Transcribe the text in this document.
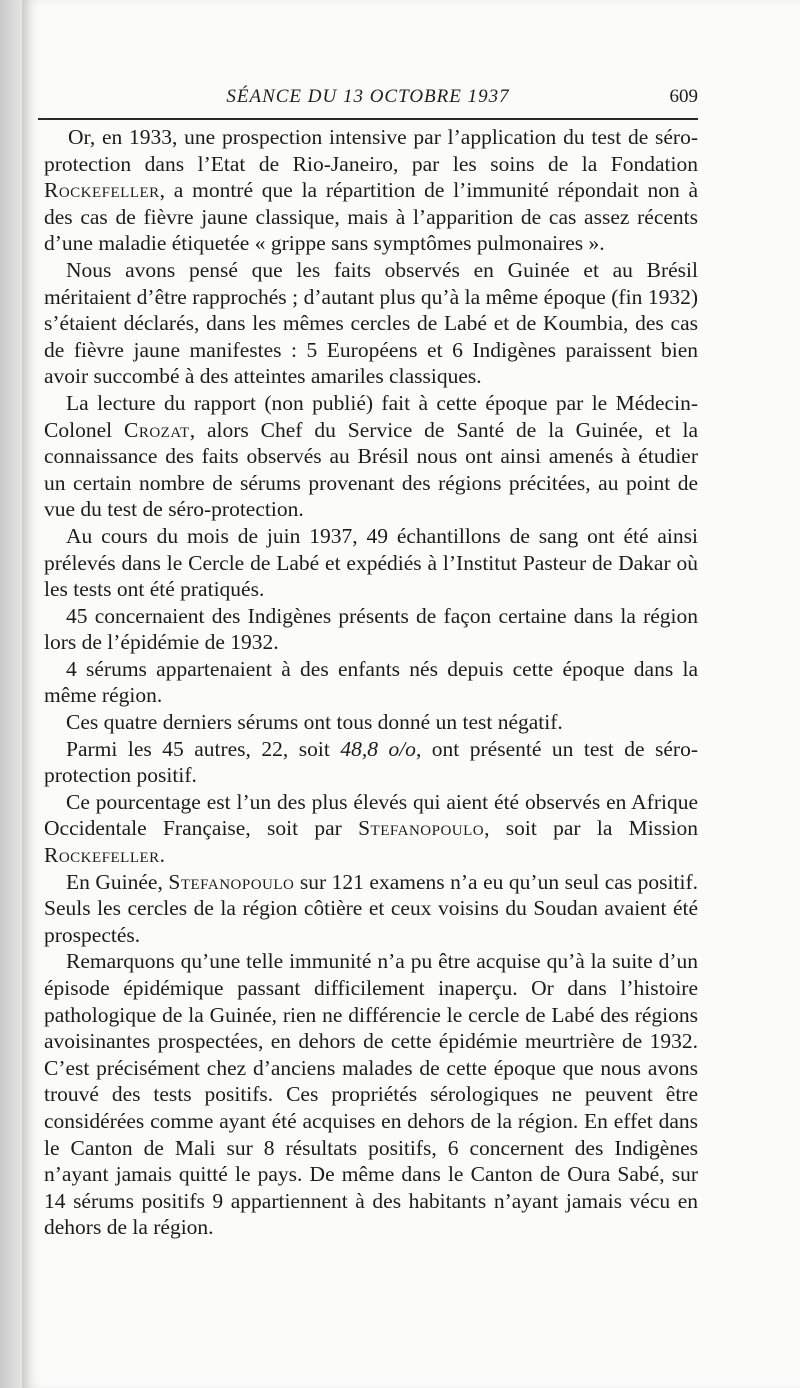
SÉANCE DU 13 OCTOBRE 1937	609

Or, en 1933, une prospection intensive par l’application du test de séro-protection dans l’Etat de Rio-Janeiro, par les soins de la Fondation Rockefeller, a montré que la répartition de l’immunité répondait non à des cas de fièvre jaune classique, mais à l’apparition de cas assez récents d’une maladie étiquetée « grippe sans symptômes pulmonaires ».

Nous avons pensé que les faits observés en Guinée et au Brésil méritaient d’être rapprochés ; d’autant plus qu’à la même époque (fin 1932) s’étaient déclarés, dans les mêmes cercles de Labé et de Koumbia, des cas de fièvre jaune manifestes : 5 Européens et 6 Indigènes paraissent bien avoir succombé à des atteintes amariles classiques.

La lecture du rapport (non publié) fait à cette époque par le Médecin-Colonel Crozat, alors Chef du Service de Santé de la Guinée, et la connaissance des faits observés au Brésil nous ont ainsi amenés à étudier un certain nombre de sérums provenant des régions précitées, au point de vue du test de séro-protection.

Au cours du mois de juin 1937, 49 échantillons de sang ont été ainsi prélevés dans le Cercle de Labé et expédiés à l’Institut Pasteur de Dakar où les tests ont été pratiqués.

45 concernaient des Indigènes présents de façon certaine dans la région lors de l’épidémie de 1932.

4 sérums appartenaient à des enfants nés depuis cette époque dans la même région.

Ces quatre derniers sérums ont tous donné un test négatif.

Parmi les 45 autres, 22, soit 48,8 o/o, ont présenté un test de séro-protection positif.

Ce pourcentage est l’un des plus élevés qui aient été observés en Afrique Occidentale Française, soit par Stefanopoulo, soit par la Mission Rockefeller.

En Guinée, Stefanopoulo sur 121 examens n’a eu qu’un seul cas positif. Seuls les cercles de la région côtière et ceux voisins du Soudan avaient été prospectés.

Remarquons qu’une telle immunité n’a pu être acquise qu’à la suite d’un épisode épidémique passant difficilement inaperçu. Or dans l’histoire pathologique de la Guinée, rien ne différencie le cercle de Labé des régions avoisinantes prospectées, en dehors de cette épidémie meurtrière de 1932. C’est précisément chez d’anciens malades de cette époque que nous avons trouvé des tests positifs. Ces propriétés sérologiques ne peuvent être considérées comme ayant été acquises en dehors de la région. En effet dans le Canton de Mali sur 8 résultats positifs, 6 concernent des Indigènes n’ayant jamais quitté le pays. De même dans le Canton de Oura Sabé, sur 14 sérums positifs 9 appartiennent à des habitants n’ayant jamais vécu en dehors de la région.
